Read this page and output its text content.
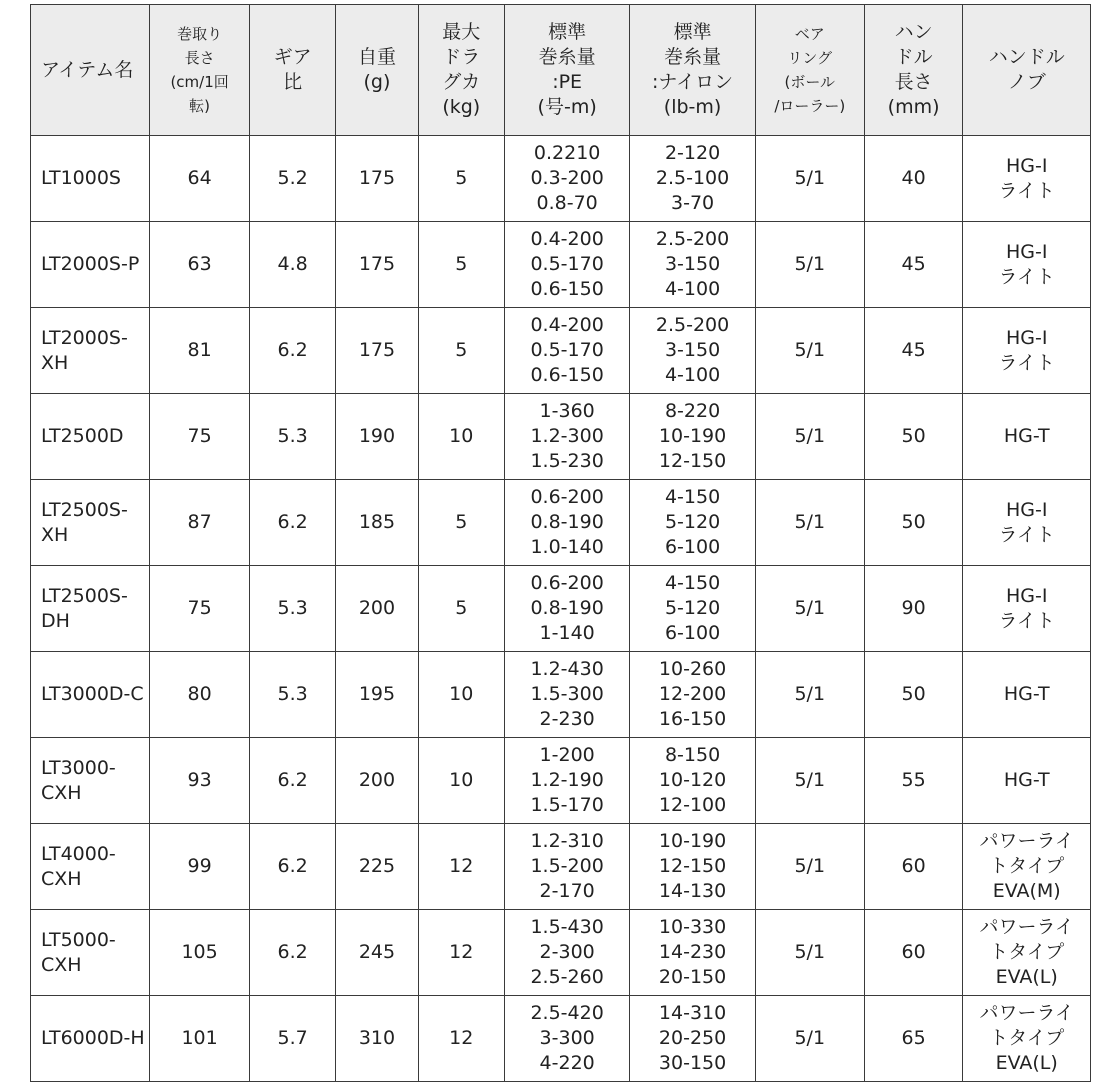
アイテム名	巻取り
長さ
(cm/1回
転)	ギア
比	自重
(g)	最大
ドラ
グカ
(kg)	標準
巻糸量
:PE
(号-m)	標準
巻糸量
:ナイロン
(lb-m)	ベア
リング
(ボール
/ローラー)	ハン
ドル
長さ
(mm)	ハンドル
ノブ
LT1000S	64	5.2	175	5	0.2210
0.3-200
0.8-70	2-120
2.5-100
3-70	5/1	40	HG-I
ライト
LT2000S-P	63	4.8	175	5	0.4-200
0.5-170
0.6-150	2.5-200
3-150
4-100	5/1	45	HG-I
ライト
LT2000S-
XH	81	6.2	175	5	0.4-200
0.5-170
0.6-150	2.5-200
3-150
4-100	5/1	45	HG-I
ライト
LT2500D	75	5.3	190	10	1-360
1.2-300
1.5-230	8-220
10-190
12-150	5/1	50	HG-T
LT2500S-
XH	87	6.2	185	5	0.6-200
0.8-190
1.0-140	4-150
5-120
6-100	5/1	50	HG-I
ライト
LT2500S-
DH	75	5.3	200	5	0.6-200
0.8-190
1-140	4-150
5-120
6-100	5/1	90	HG-I
ライト
LT3000D-C	80	5.3	195	10	1.2-430
1.5-300
2-230	10-260
12-200
16-150	5/1	50	HG-T
LT3000-
CXH	93	6.2	200	10	1-200
1.2-190
1.5-170	8-150
10-120
12-100	5/1	55	HG-T
LT4000-
CXH	99	6.2	225	12	1.2-310
1.5-200
2-170	10-190
12-150
14-130	5/1	60	パワーライ
トタイプ
EVA(M)
LT5000-
CXH	105	6.2	245	12	1.5-430
2-300
2.5-260	10-330
14-230
20-150	5/1	60	パワーライ
トタイプ
EVA(L)
LT6000D-H	101	5.7	310	12	2.5-420
3-300
4-220	14-310
20-250
30-150	5/1	65	パワーライ
トタイプ
EVA(L)
